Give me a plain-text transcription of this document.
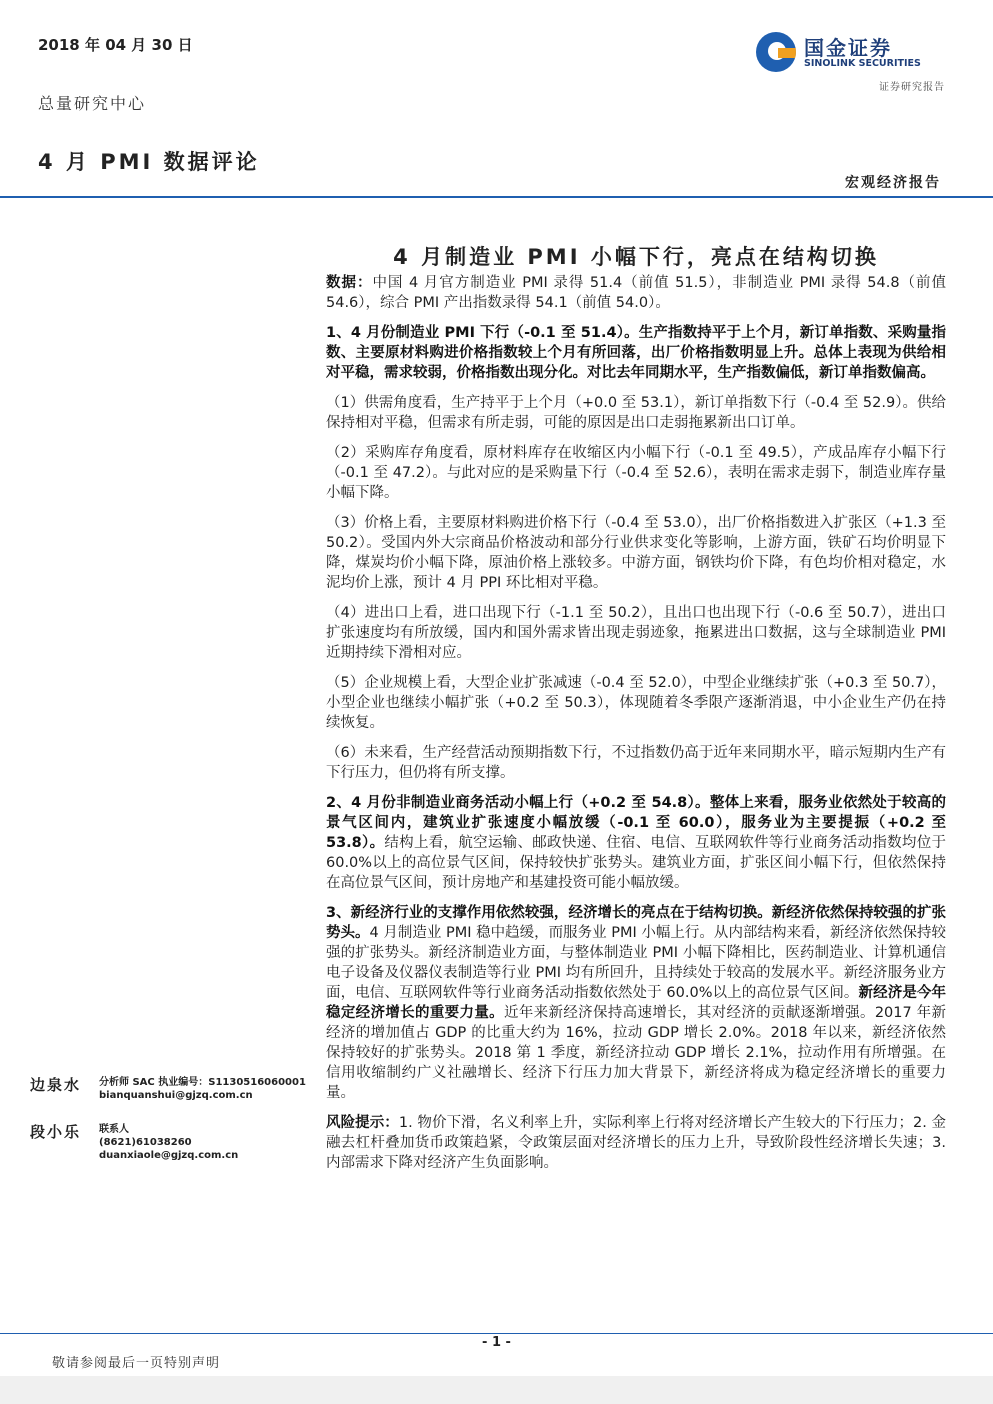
2018 年 04 月 30 日
总量研究中心
4 月 PMI 数据评论
国金证券
SINOLINK SECURITIES
证券研究报告
宏观经济报告
4 月制造业 PMI 小幅下行，亮点在结构切换

数据：中国 4 月官方制造业 PMI 录得 51.4（前值 51.5），非制造业 PMI 录得 54.8（前值 54.6），综合 PMI 产出指数录得 54.1（前值 54.0）。

1、4 月份制造业 PMI 下行（-0.1 至 51.4）。生产指数持平于上个月，新订单指数、采购量指数、主要原材料购进价格指数较上个月有所回落，出厂价格指数明显上升。总体上表现为供给相对平稳，需求较弱，价格指数出现分化。对比去年同期水平，生产指数偏低，新订单指数偏高。

（1）供需角度看，生产持平于上个月（+0.0 至 53.1），新订单指数下行（-0.4 至 52.9）。供给保持相对平稳，但需求有所走弱，可能的原因是出口走弱拖累新出口订单。

（2）采购库存角度看，原材料库存在收缩区内小幅下行（-0.1 至 49.5），产成品库存小幅下行（-0.1 至 47.2）。与此对应的是采购量下行（-0.4 至 52.6），表明在需求走弱下，制造业库存量小幅下降。

（3）价格上看，主要原材料购进价格下行（-0.4 至 53.0），出厂价格指数进入扩张区（+1.3 至 50.2）。受国内外大宗商品价格波动和部分行业供求变化等影响，上游方面，铁矿石均价明显下降，煤炭均价小幅下降，原油价格上涨较多。中游方面，钢铁均价下降，有色均价相对稳定，水泥均价上涨，预计 4 月 PPI 环比相对平稳。

（4）进出口上看，进口出现下行（-1.1 至 50.2），且出口也出现下行（-0.6 至 50.7），进出口扩张速度均有所放缓，国内和国外需求皆出现走弱迹象，拖累进出口数据，这与全球制造业 PMI近期持续下滑相对应。

（5）企业规模上看，大型企业扩张减速（-0.4 至 52.0），中型企业继续扩张（+0.3 至 50.7），小型企业也继续小幅扩张（+0.2 至 50.3），体现随着冬季限产逐渐消退，中小企业生产仍在持续恢复。

（6）未来看，生产经营活动预期指数下行，不过指数仍高于近年来同期水平，暗示短期内生产有下行压力，但仍将有所支撑。

2、4 月份非制造业商务活动小幅上行（+0.2 至 54.8）。整体上来看，服务业依然处于较高的景气区间内，建筑业扩张速度小幅放缓（-0.1 至 60.0），服务业为主要提振（+0.2 至 53.8）。结构上看，航空运输、邮政快递、住宿、电信、互联网软件等行业商务活动指数均位于 60.0%以上的高位景气区间，保持较快扩张势头。建筑业方面，扩张区间小幅下行，但依然保持在高位景气区间，预计房地产和基建投资可能小幅放缓。

3、新经济行业的支撑作用依然较强，经济增长的亮点在于结构切换。新经济依然保持较强的扩张势头。4 月制造业 PMI 稳中趋缓，而服务业 PMI 小幅上行。从内部结构来看，新经济依然保持较强的扩张势头。新经济制造业方面，与整体制造业 PMI 小幅下降相比，医药制造业、计算机通信电子设备及仪器仪表制造等行业 PMI 均有所回升，且持续处于较高的发展水平。新经济服务业方面，电信、互联网软件等行业商务活动指数依然处于 60.0%以上的高位景气区间。新经济是今年稳定经济增长的重要力量。近年来新经济保持高速增长，其对经济的贡献逐渐增强。2017 年新经济的增加值占 GDP 的比重大约为 16%，拉动 GDP 增长 2.0%。2018 年以来，新经济依然保持较好的扩张势头。2018 第 1 季度，新经济拉动 GDP 增长 2.1%，拉动作用有所增强。在信用收缩制约广义社融增长、经济下行压力加大背景下，新经济将成为稳定经济增长的重要力量。

风险提示：1. 物价下滑，名义利率上升，实际利率上行将对经济增长产生较大的下行压力；2. 金融去杠杆叠加货币政策趋紧，令政策层面对经济增长的压力上升，导致阶段性经济增长失速；3. 内部需求下降对经济产生负面影响。

边泉水 分析师 SAC 执业编号：S1130516060001
bianquanshui@gjzq.com.cn
段小乐 联系人
(8621)61038260
duanxiaole@gjzq.com.cn
- 1 -
敬请参阅最后一页特别声明
